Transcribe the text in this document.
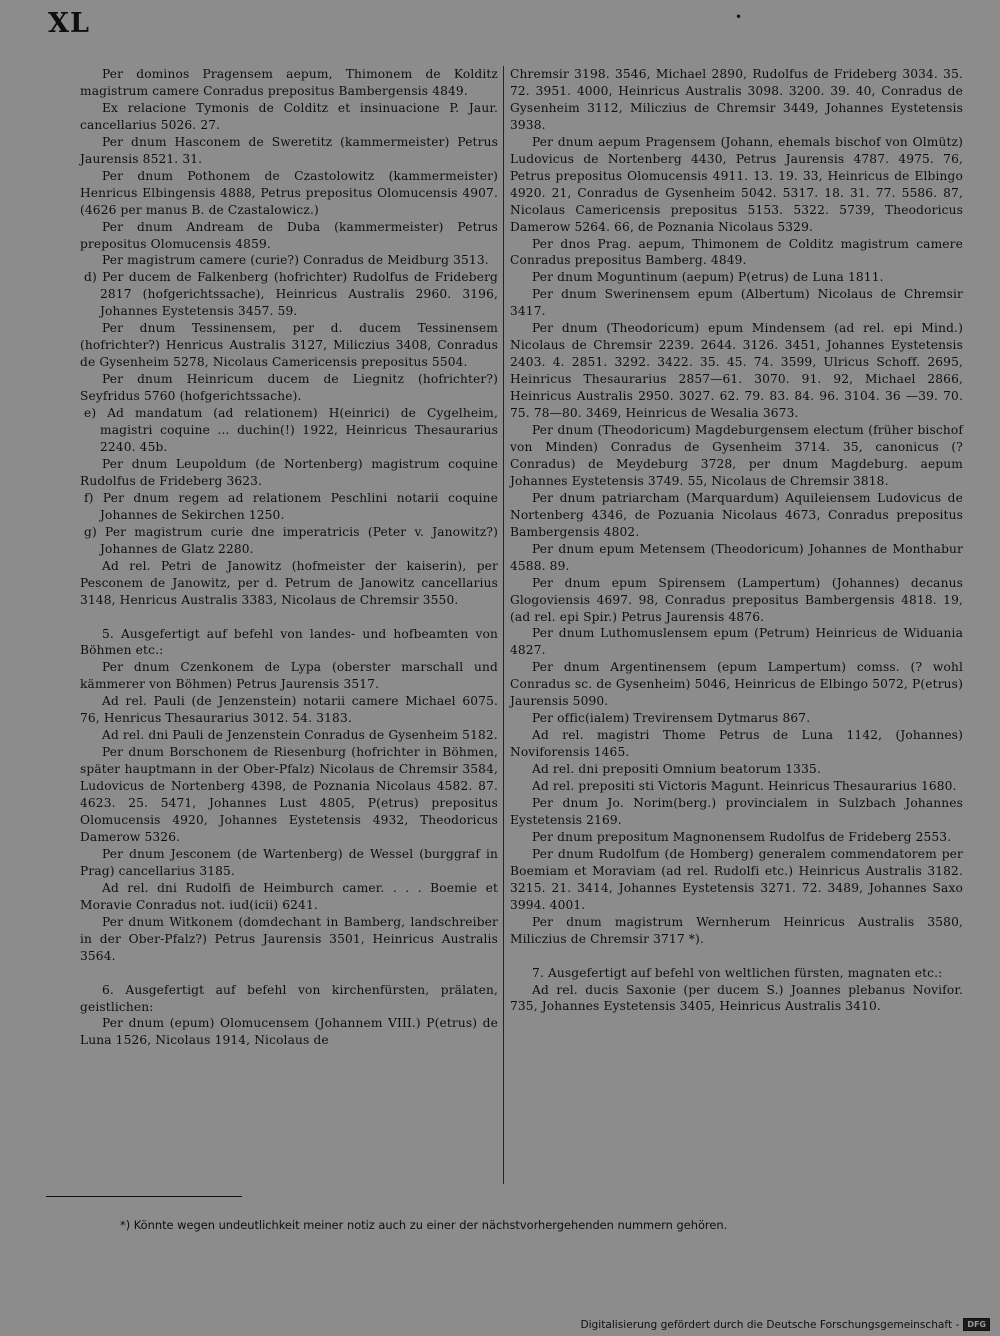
XL	•

Per dominos Pragensem aepum, Thimonem de Kolditz magistrum camere Conradus prepositus Bambergensis 4849.

Ex relacione Tymonis de Colditz et insinuacione P. Jaur. cancellarius 5026. 27.

Per dnum Hasconem de Sweretitz (kammermeister) Petrus Jaurensis 8521. 31.

Per dnum Pothonem de Czastolowitz (kammermeister) Henricus Elbingensis 4888, Petrus prepositus Olomucensis 4907. (4626 per manus B. de Czastalowicz.)

Per dnum Andream de Duba (kammermeister) Petrus prepositus Olomucensis 4859.

Per magistrum camere (curie?) Conradus de Meidburg 3513.

d) Per ducem de Falkenberg (hofrichter) Rudolfus de Frideberg 2817 (hofgerichtssache), Heinricus Australis 2960. 3196, Johannes Eystetensis 3457. 59.

Per dnum Tessinensem, per d. ducem Tessinensem (hofrichter?) Henricus Australis 3127, Miliczius 3408, Conradus de Gysenheim 5278, Nicolaus Camericensis prepositus 5504.

Per dnum Heinricum ducem de Liegnitz (hofrichter?) Seyfridus 5760 (hofgerichtssache).

e) Ad mandatum (ad relationem) H(einrici) de Cygelheim, magistri coquine ... duchin(!) 1922, Heinricus Thesaurarius 2240. 45b.

Per dnum Leupoldum (de Nortenberg) magistrum coquine Rudolfus de Frideberg 3623.

f) Per dnum regem ad relationem Peschlini notarii coquine Johannes de Sekirchen 1250.

g) Per magistrum curie dne imperatricis (Peter v. Janowitz?) Johannes de Glatz 2280.

Ad rel. Petri de Janowitz (hofmeister der kaiserin), per Pesconem de Janowitz, per d. Petrum de Janowitz cancellarius 3148, Henricus Australis 3383, Nicolaus de Chremsir 3550.

5. Ausgefertigt auf befehl von landes- und hofbeamten von Böhmen etc.:

Per dnum Czenkonem de Lypa (oberster marschall und kämmerer von Böhmen) Petrus Jaurensis 3517.

Ad rel. Pauli (de Jenzenstein) notarii camere Michael 6075. 76, Henricus Thesaurarius 3012. 54. 3183.

Ad rel. dni Pauli de Jenzenstein Conradus de Gysenheim 5182.

Per dnum Borschonem de Riesenburg (hofrichter in Böhmen, später hauptmann in der Ober-Pfalz) Nicolaus de Chremsir 3584, Ludovicus de Nortenberg 4398, de Poznania Nicolaus 4582. 87. 4623. 25. 5471, Johannes Lust 4805, P(etrus) prepositus Olomucensis 4920, Johannes Eystetensis 4932, Theodoricus Damerow 5326.

Per dnum Jesconem (de Wartenberg) de Wessel (burggraf in Prag) cancellarius 3185.

Ad rel. dni Rudolfi de Heimburch camer. . . . Boemie et Moravie Conradus not. iud(icii) 6241.

Per dnum Witkonem (domdechant in Bamberg, landschreiber in der Ober-Pfalz?) Petrus Jaurensis 3501, Heinricus Australis 3564.

6. Ausgefertigt auf befehl von kirchenfürsten, prälaten, geistlichen:

Per dnum (epum) Olomucensem (Johannem VIII.) P(etrus) de Luna 1526, Nicolaus 1914, Nicolaus de

Chremsir 3198. 3546, Michael 2890, Rudolfus de Frideberg 3034. 35. 72. 3951. 4000, Heinricus Australis 3098. 3200. 39. 40, Conradus de Gysenheim 3112, Miliczius de Chremsir 3449, Johannes Eystetensis 3938.

Per dnum aepum Pragensem (Johann, ehemals bischof von Olmütz) Ludovicus de Nortenberg 4430, Petrus Jaurensis 4787. 4975. 76, Petrus prepositus Olomucensis 4911. 13. 19. 33, Heinricus de Elbingo 4920. 21, Conradus de Gysenheim 5042. 5317. 18. 31. 77. 5586. 87, Nicolaus Camericensis prepositus 5153. 5322. 5739, Theodoricus Damerow 5264. 66, de Poznania Nicolaus 5329.

Per dnos Prag. aepum, Thimonem de Colditz magistrum camere Conradus prepositus Bamberg. 4849.

Per dnum Moguntinum (aepum) P(etrus) de Luna 1811.

Per dnum Swerinensem epum (Albertum) Nicolaus de Chremsir 3417.

Per dnum (Theodoricum) epum Mindensem (ad rel. epi Mind.) Nicolaus de Chremsir 2239. 2644. 3126. 3451, Johannes Eystetensis 2403. 4. 2851. 3292. 3422. 35. 45. 74. 3599, Ulricus Schoff. 2695, Heinricus Thesaurarius 2857—61. 3070. 91. 92, Michael 2866, Heinricus Australis 2950. 3027. 62. 79. 83. 84. 96. 3104. 36 —39. 70. 75. 78—80. 3469, Heinricus de Wesalia 3673.

Per dnum (Theodoricum) Magdeburgensem electum (früher bischof von Minden) Conradus de Gysenheim 3714. 35, canonicus (? Conradus) de Meydeburg 3728, per dnum Magdeburg. aepum Johannes Eystetensis 3749. 55, Nicolaus de Chremsir 3818.

Per dnum patriarcham (Marquardum) Aquileiensem Ludovicus de Nortenberg 4346, de Pozuania Nicolaus 4673, Conradus prepositus Bambergensis 4802.

Per dnum epum Metensem (Theodoricum) Johannes de Monthabur 4588. 89.

Per dnum epum Spirensem (Lampertum) (Johannes) decanus Glogoviensis 4697. 98, Conradus prepositus Bambergensis 4818. 19, (ad rel. epi Spir.) Petrus Jaurensis 4876.

Per dnum Luthomuslensem epum (Petrum) Heinricus de Widuania 4827.

Per dnum Argentinensem (epum Lampertum) comss. (? wohl Conradus sc. de Gysenheim) 5046, Heinricus de Elbingo 5072, P(etrus) Jaurensis 5090.

Per offic(ialem) Trevirensem Dytmarus 867.

Ad rel. magistri Thome Petrus de Luna 1142, (Johannes) Noviforensis 1465.

Ad rel. dni prepositi Omnium beatorum 1335.

Ad rel. prepositi sti Victoris Magunt. Heinricus Thesaurarius 1680.

Per dnum Jo. Norim(berg.) provincialem in Sulzbach Johannes Eystetensis 2169.

Per dnum prepositum Magnonensem Rudolfus de Frideberg 2553.

Per dnum Rudolfum (de Homberg) generalem commendatorem per Boemiam et Moraviam (ad rel. Rudolfi etc.) Heinricus Australis 3182. 3215. 21. 3414, Johannes Eystetensis 3271. 72. 3489, Johannes Saxo 3994. 4001.

Per dnum magistrum Wernherum Heinricus Australis 3580, Miliczius de Chremsir 3717 *).

7. Ausgefertigt auf befehl von weltlichen fürsten, magnaten etc.:

Ad rel. ducis Saxonie (per ducem S.) Joannes plebanus Novifor. 735, Johannes Eystetensis 3405, Heinricus Australis 3410.

*) Könnte wegen undeutlichkeit meiner notiz auch zu einer der nächstvorhergehenden nummern gehören.
Digitalisierung gefördert durch die Deutsche Forschungsgemeinschaft -	DFG
